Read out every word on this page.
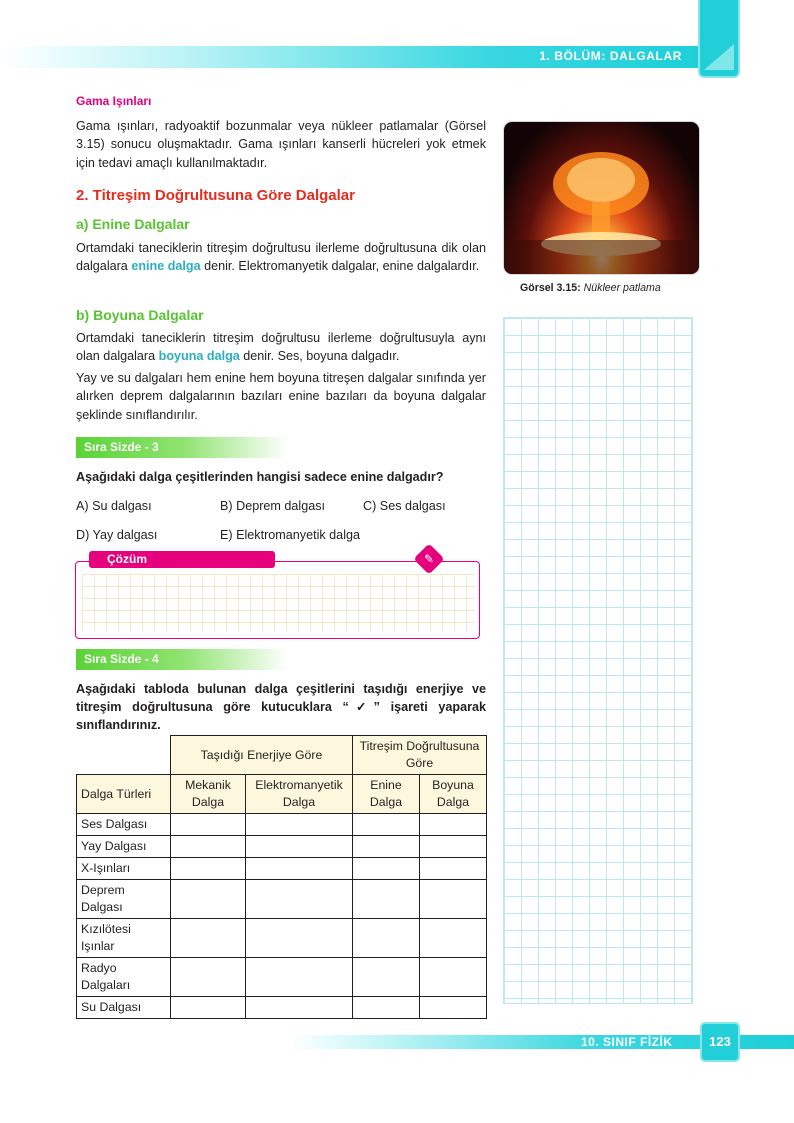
1. BÖLÜM: DALGALAR
Gama Işınları
Gama ışınları, radyoaktif bozunmalar veya nükleer patlamalar (Görsel 3.15) sonucu oluşmaktadır. Gama ışınları kanserli hücreleri yok etmek için tedavi amaçlı kullanılmaktadır.
2. Titreşim Doğrultusuna Göre Dalgalar
a) Enine Dalgalar
Ortamdaki taneciklerin titreşim doğrultusu ilerleme doğrultusuna dik olan dalgalara enine dalga denir. Elektromanyetik dalgalar, enine dalgalardır.
b) Boyuna Dalgalar
Ortamdaki taneciklerin titreşim doğrultusu ilerleme doğrultusuyla aynı olan dalgalara boyuna dalga denir. Ses, boyuna dalgadır.
Yay ve su dalgaları hem enine hem boyuna titreşen dalgalar sınıfında yer alırken deprem dalgalarının bazıları enine bazıları da boyuna dalgalar şeklinde sınıflandırılır.
Görsel 3.15: Nükleer patlama
Sıra Sizde - 3
Aşağıdaki dalga çeşitlerinden hangisi sadece enine dalgadır?
A) Su dalgası	B) Deprem dalgası	C) Ses dalgası
D) Yay dalgası	E) Elektromanyetik dalga
Çözüm	✎
Sıra Sizde - 4
Aşağıdaki tabloda bulunan dalga çeşitlerini taşıdığı enerjiye ve titreşim doğrultusuna göre kutucuklara “✓” işareti yaparak sınıflandırınız.
	Taşıdığı Enerjiye Göre		Titreşim Doğrultusuna Göre	
Dalga Türleri	Mekanik Dalga	Elektromanyetik Dalga	Enine Dalga	Boyuna Dalga
Ses Dalgası				
Yay Dalgası				
X-Işınları				
Deprem Dalgası				
Kızılötesi Işınlar				
Radyo Dalgaları				
Su Dalgası				
10. SINIF FİZİK	123
